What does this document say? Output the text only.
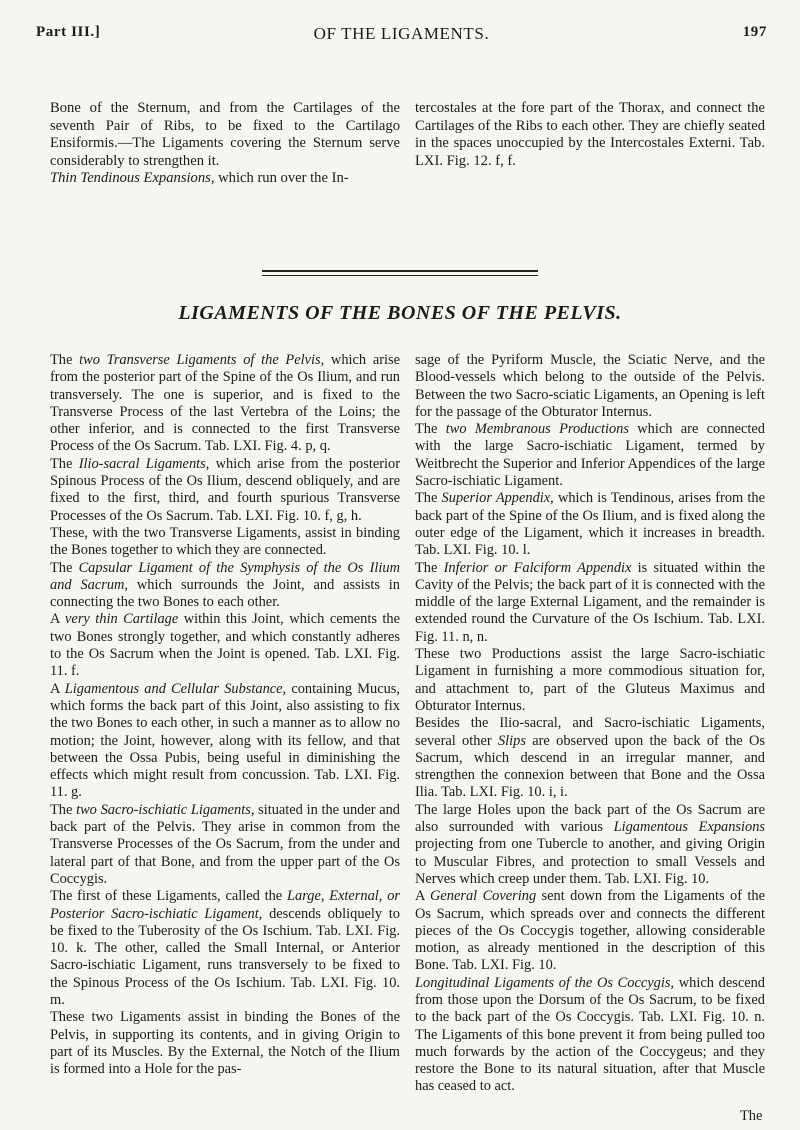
Part III.]	OF THE LIGAMENTS.	197

Bone of the Sternum, and from the Cartilages of the seventh Pair of Ribs, to be fixed to the Cartilago Ensiformis.—The Ligaments covering the Sternum serve considerably to strengthen it.
Thin Tendinous Expansions, which run over the In-

tercostales at the fore part of the Thorax, and connect the Cartilages of the Ribs to each other. They are chiefly seated in the spaces unoccupied by the Intercostales Externi. Tab. LXI. Fig. 12. f, f.

LIGAMENTS OF THE BONES OF THE PELVIS.

The two Transverse Ligaments of the Pelvis, which arise from the posterior part of the Spine of the Os Ilium, and run transversely. The one is superior, and is fixed to the Transverse Process of the last Vertebra of the Loins; the other inferior, and is connected to the first Transverse Process of the Os Sacrum. Tab. LXI. Fig. 4. p, q.

The Ilio-sacral Ligaments, which arise from the posterior Spinous Process of the Os Ilium, descend obliquely, and are fixed to the first, third, and fourth spurious Transverse Processes of the Os Sacrum. Tab. LXI. Fig. 10. f, g, h.

These, with the two Transverse Ligaments, assist in binding the Bones together to which they are connected.

The Capsular Ligament of the Symphysis of the Os Ilium and Sacrum, which surrounds the Joint, and assists in connecting the two Bones to each other.

A very thin Cartilage within this Joint, which cements the two Bones strongly together, and which constantly adheres to the Os Sacrum when the Joint is opened. Tab. LXI. Fig. 11. f.

A Ligamentous and Cellular Substance, containing Mucus, which forms the back part of this Joint, also assisting to fix the two Bones to each other, in such a manner as to allow no motion; the Joint, however, along with its fellow, and that between the Ossa Pubis, being useful in diminishing the effects which might result from concussion. Tab. LXI. Fig. 11. g.

The two Sacro-ischiatic Ligaments, situated in the under and back part of the Pelvis. They arise in common from the Transverse Processes of the Os Sacrum, from the under and lateral part of that Bone, and from the upper part of the Os Coccygis.

The first of these Ligaments, called the Large, External, or Posterior Sacro-ischiatic Ligament, descends obliquely to be fixed to the Tuberosity of the Os Ischium. Tab. LXI. Fig. 10. k. The other, called the Small Internal, or Anterior Sacro-ischiatic Ligament, runs transversely to be fixed to the Spinous Process of the Os Ischium. Tab. LXI. Fig. 10. m.

These two Ligaments assist in binding the Bones of the Pelvis, in supporting its contents, and in giving Origin to part of its Muscles. By the External, the Notch of the Ilium is formed into a Hole for the pas-

sage of the Pyriform Muscle, the Sciatic Nerve, and the Blood-vessels which belong to the outside of the Pelvis. Between the two Sacro-sciatic Ligaments, an Opening is left for the passage of the Obturator Internus.

The two Membranous Productions which are connected with the large Sacro-ischiatic Ligament, termed by Weitbrecht the Superior and Inferior Appendices of the large Sacro-ischiatic Ligament.

The Superior Appendix, which is Tendinous, arises from the back part of the Spine of the Os Ilium, and is fixed along the outer edge of the Ligament, which it increases in breadth. Tab. LXI. Fig. 10. l.

The Inferior or Falciform Appendix is situated within the Cavity of the Pelvis; the back part of it is connected with the middle of the large External Ligament, and the remainder is extended round the Curvature of the Os Ischium. Tab. LXI. Fig. 11. n, n.

These two Productions assist the large Sacro-ischiatic Ligament in furnishing a more commodious situation for, and attachment to, part of the Gluteus Maximus and Obturator Internus.

Besides the Ilio-sacral, and Sacro-ischiatic Ligaments, several other Slips are observed upon the back of the Os Sacrum, which descend in an irregular manner, and strengthen the connexion between that Bone and the Ossa Ilia. Tab. LXI. Fig. 10. i, i.

The large Holes upon the back part of the Os Sacrum are also surrounded with various Ligamentous Expansions projecting from one Tubercle to another, and giving Origin to Muscular Fibres, and protection to small Vessels and Nerves which creep under them. Tab. LXI. Fig. 10.

A General Covering sent down from the Ligaments of the Os Sacrum, which spreads over and connects the different pieces of the Os Coccygis together, allowing considerable motion, as already mentioned in the description of this Bone. Tab. LXI. Fig. 10.

Longitudinal Ligaments of the Os Coccygis, which descend from those upon the Dorsum of the Os Sacrum, to be fixed to the back part of the Os Coccygis. Tab. LXI. Fig. 10. n. The Ligaments of this bone prevent it from being pulled too much forwards by the action of the Coccygeus; and they restore the Bone to its natural situation, after that Muscle has ceased to act.

The
